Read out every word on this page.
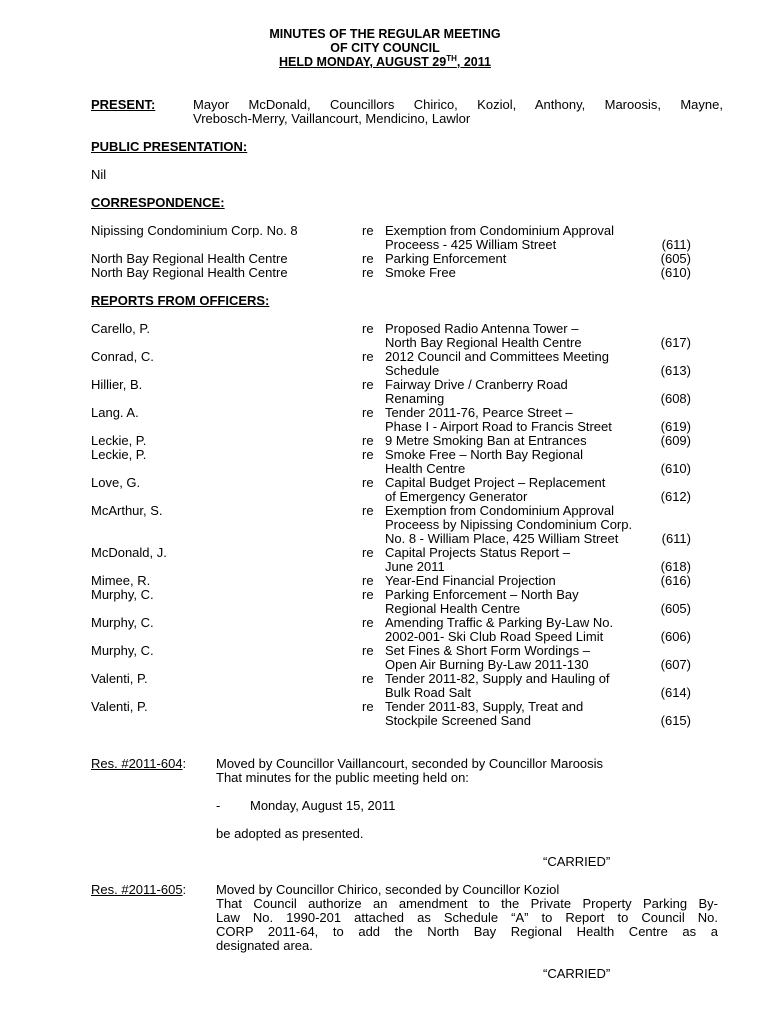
MINUTES OF THE REGULAR MEETING
OF CITY COUNCIL
HELD MONDAY, AUGUST 29TH, 2011
PRESENT:	Mayor McDonald, Councillors Chirico, Koziol, Anthony, Maroosis, Mayne,
Vrebosch-Merry, Vaillancourt, Mendicino, Lawlor
PUBLIC PRESENTATION:
Nil
CORRESPONDENCE:
Nipissing Condominium Corp. No. 8	re Exemption from Condominium Approval
Proceess - 425 William Street	(611)
North Bay Regional Health Centre	re Parking Enforcement	(605)
North Bay Regional Health Centre	re Smoke Free	(610)
REPORTS FROM OFFICERS:
Carello, P.	re Proposed Radio Antenna Tower –
North Bay Regional Health Centre	(617)
Conrad, C.	re 2012 Council and Committees Meeting
Schedule	(613)
Hillier, B.	re Fairway Drive / Cranberry Road
Renaming	(608)
Lang. A.	re Tender 2011-76, Pearce Street –
Phase I - Airport Road to Francis Street	(619)
Leckie, P.	re 9 Metre Smoking Ban at Entrances	(609)
Leckie, P.	re Smoke Free – North Bay Regional
Health Centre	(610)
Love, G.	re Capital Budget Project – Replacement
of Emergency Generator	(612)
McArthur, S.	re Exemption from Condominium Approval
Proceess by Nipissing Condominium Corp.
No. 8 - William Place, 425 William Street	(611)
McDonald, J.	re Capital Projects Status Report –
June 2011	(618)
Mimee, R.	re Year-End Financial Projection	(616)
Murphy, C.	re Parking Enforcement – North Bay
Regional Health Centre	(605)
Murphy, C.	re Amending Traffic & Parking By-Law No.
2002-001- Ski Club Road Speed Limit	(606)
Murphy, C.	re Set Fines & Short Form Wordings –
Open Air Burning By-Law 2011-130	(607)
Valenti, P.	re Tender 2011-82, Supply and Hauling of
Bulk Road Salt	(614)
Valenti, P.	re Tender 2011-83, Supply, Treat and
Stockpile Screened Sand	(615)
Res. #2011-604: Moved by Councillor Vaillancourt, seconded by Councillor Maroosis
That minutes for the public meeting held on:
- Monday, August 15, 2011
be adopted as presented.
“CARRIED”
Res. #2011-605: Moved by Councillor Chirico, seconded by Councillor Koziol
That Council authorize an amendment to the Private Property Parking By-
Law No. 1990-201 attached as Schedule “A” to Report to Council No.
CORP 2011-64, to add the North Bay Regional Health Centre as a
designated area.
“CARRIED”
